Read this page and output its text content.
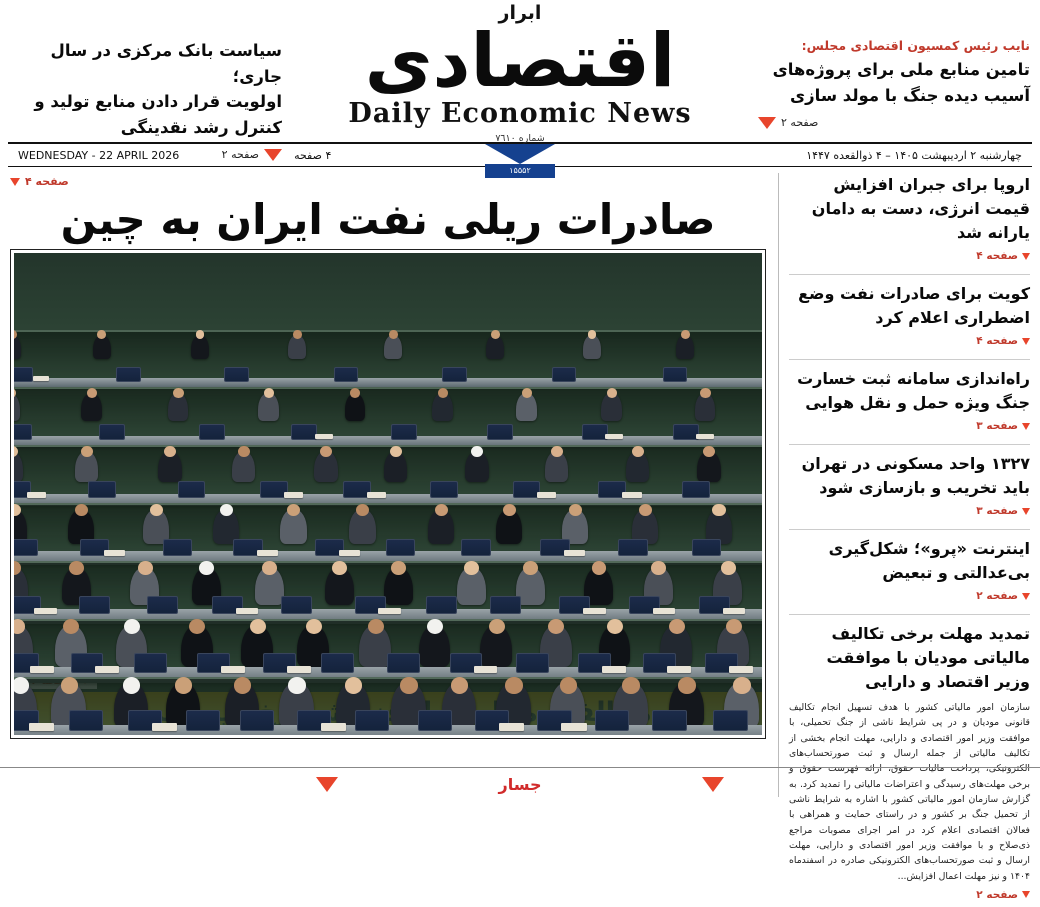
سیاست بانک مرکزی در سال جاری؛
اولویت قرار دادن منابع تولید و کنترل رشد نقدینگی
صفحه ۲
ابرار
اقتصادی
Daily Economic News
شماره ۷٦۱۰
۱۵۵۵۲
نایب رئیس کمسیون اقتصادی مجلس:
تامین منابع ملی برای پروژه‌های
آسیب دیده جنگ با مولد سازی
صفحه ۲
WEDNESDAY - 22 APRIL 2026	۴ صفحه	چهارشنبه ۲ اردیبهشت ۱۴۰۵ – ۴ ذوالقعده ۱۴۴۷
اروپا برای جبران افزایش قیمت انرژی، دست به دامان یارانه شد
صفحه ۴
کویت برای صادرات نفت وضع اضطراری اعلام کرد
صفحه ۴
راه‌اندازی سامانه ثبت خسارت جنگ ویژه حمل و نقل هوایی
صفحه ۳
۱۳۲۷ واحد مسکونی در تهران باید تخریب و بازسازی شود
صفحه ۳
اینترنت «پرو»؛ شکل‌گیری بی‌عدالتی و تبعیض
صفحه ۲
تمدید مهلت برخی تکالیف مالیاتی مودیان با موافقت وزیر اقتصاد و دارایی
سازمان امور مالیاتی کشور با هدف تسهیل انجام تکالیف قانونی مودیان و در پی شرایط ناشی از جنگ تحمیلی، با موافقت وزیر امور اقتصادی و دارایی، مهلت انجام بخشی از تکالیف مالیاتی از جمله ارسال و ثبت صورتحساب‌های الکترونیکی، پرداخت مالیات حقوق، ارائه فهرست حقوق و برخی مهلت‌های رسیدگی و اعتراضات مالیاتی را تمدید کرد. به گزارش سازمان امور مالیاتی کشور با اشاره به شرایط ناشی از تحمیل جنگ بر کشور و در راستای حمایت و همراهی با فعالان اقتصادی اعلام کرد در امر اجرای مصوبات مراجع ذی‌صلاح و با موافقت وزیر امور اقتصادی و دارایی، مهلت ارسال و ثبت صورتحساب‌های الکترونیکی صادره در اسفندماه ۱۴۰۴ و نیز مهلت اعمال افزایش...
صفحه ۲
صفحه ۴
صادرات ریلی نفت ایران به چین
جسار
